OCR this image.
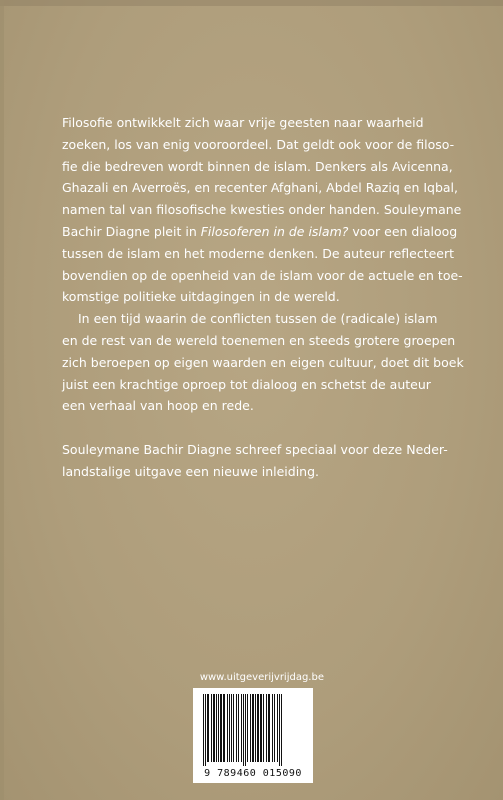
Filosofie ontwikkelt zich waar vrije geesten naar waarheid
zoeken, los van enig vooroordeel. Dat geldt ook voor de filoso-
fie die bedreven wordt binnen de islam. Denkers als Avicenna,
Ghazali en Averroës, en recenter Afghani, Abdel Raziq en Iqbal,
namen tal van filosofische kwesties onder handen. Souleymane
Bachir Diagne pleit in Filosoferen in de islam? voor een dialoog
tussen de islam en het moderne denken. De auteur reflecteert
bovendien op de openheid van de islam voor de actuele en toe-
komstige politieke uitdagingen in de wereld.
In een tijd waarin de conflicten tussen de (radicale) islam
en de rest van de wereld toenemen en steeds grotere groepen
zich beroepen op eigen waarden en eigen cultuur, doet dit boek
juist een krachtige oproep tot dialoog en schetst de auteur
een verhaal van hoop en rede.
Souleymane Bachir Diagne schreef speciaal voor deze Neder-
landstalige uitgave een nieuwe inleiding.
www.uitgeverijvrijdag.be
9 789460 015090
